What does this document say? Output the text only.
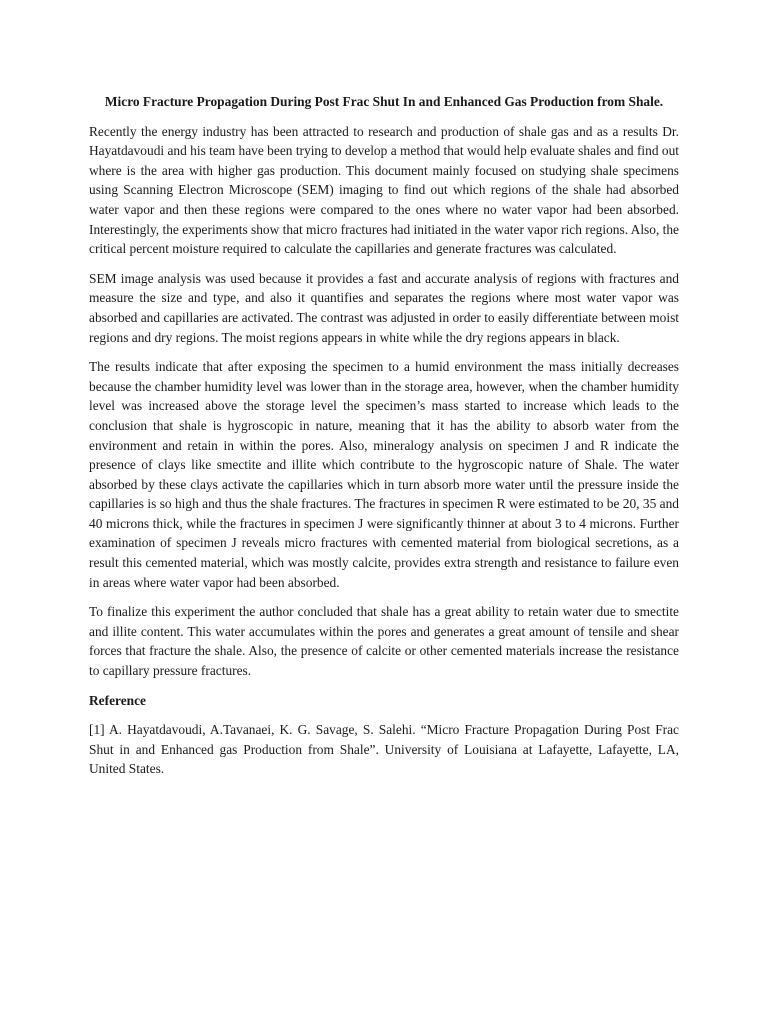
Micro Fracture Propagation During Post Frac Shut In and Enhanced Gas Production from Shale.

Recently the energy industry has been attracted to research and production of shale gas and as a results Dr. Hayatdavoudi and his team have been trying to develop a method that would help evaluate shales and find out where is the area with higher gas production. This document mainly focused on studying shale specimens using Scanning Electron Microscope (SEM) imaging to find out which regions of the shale had absorbed water vapor and then these regions were compared to the ones where no water vapor had been absorbed. Interestingly, the experiments show that micro fractures had initiated in the water vapor rich regions. Also, the critical percent moisture required to calculate the capillaries and generate fractures was calculated.

SEM image analysis was used because it provides a fast and accurate analysis of regions with fractures and measure the size and type, and also it quantifies and separates the regions where most water vapor was absorbed and capillaries are activated. The contrast was adjusted in order to easily differentiate between moist regions and dry regions. The moist regions appears in white while the dry regions appears in black.

The results indicate that after exposing the specimen to a humid environment the mass initially decreases because the chamber humidity level was lower than in the storage area, however, when the chamber humidity level was increased above the storage level the specimen’s mass started to increase which leads to the conclusion that shale is hygroscopic in nature, meaning that it has the ability to absorb water from the environment and retain in within the pores. Also, mineralogy analysis on specimen J and R indicate the presence of clays like smectite and illite which contribute to the hygroscopic nature of Shale. The water absorbed by these clays activate the capillaries which in turn absorb more water until the pressure inside the capillaries is so high and thus the shale fractures. The fractures in specimen R were estimated to be 20, 35 and 40 microns thick, while the fractures in specimen J were significantly thinner at about 3 to 4 microns. Further examination of specimen J reveals micro fractures with cemented material from biological secretions, as a result this cemented material, which was mostly calcite, provides extra strength and resistance to failure even in areas where water vapor had been absorbed.

To finalize this experiment the author concluded that shale has a great ability to retain water due to smectite and illite content. This water accumulates within the pores and generates a great amount of tensile and shear forces that fracture the shale. Also, the presence of calcite or other cemented materials increase the resistance to capillary pressure fractures.

Reference

[1] A. Hayatdavoudi, A.Tavanaei, K. G. Savage, S. Salehi. “Micro Fracture Propagation During Post Frac Shut in and Enhanced gas Production from Shale”. University of Louisiana at Lafayette, Lafayette, LA, United States.
